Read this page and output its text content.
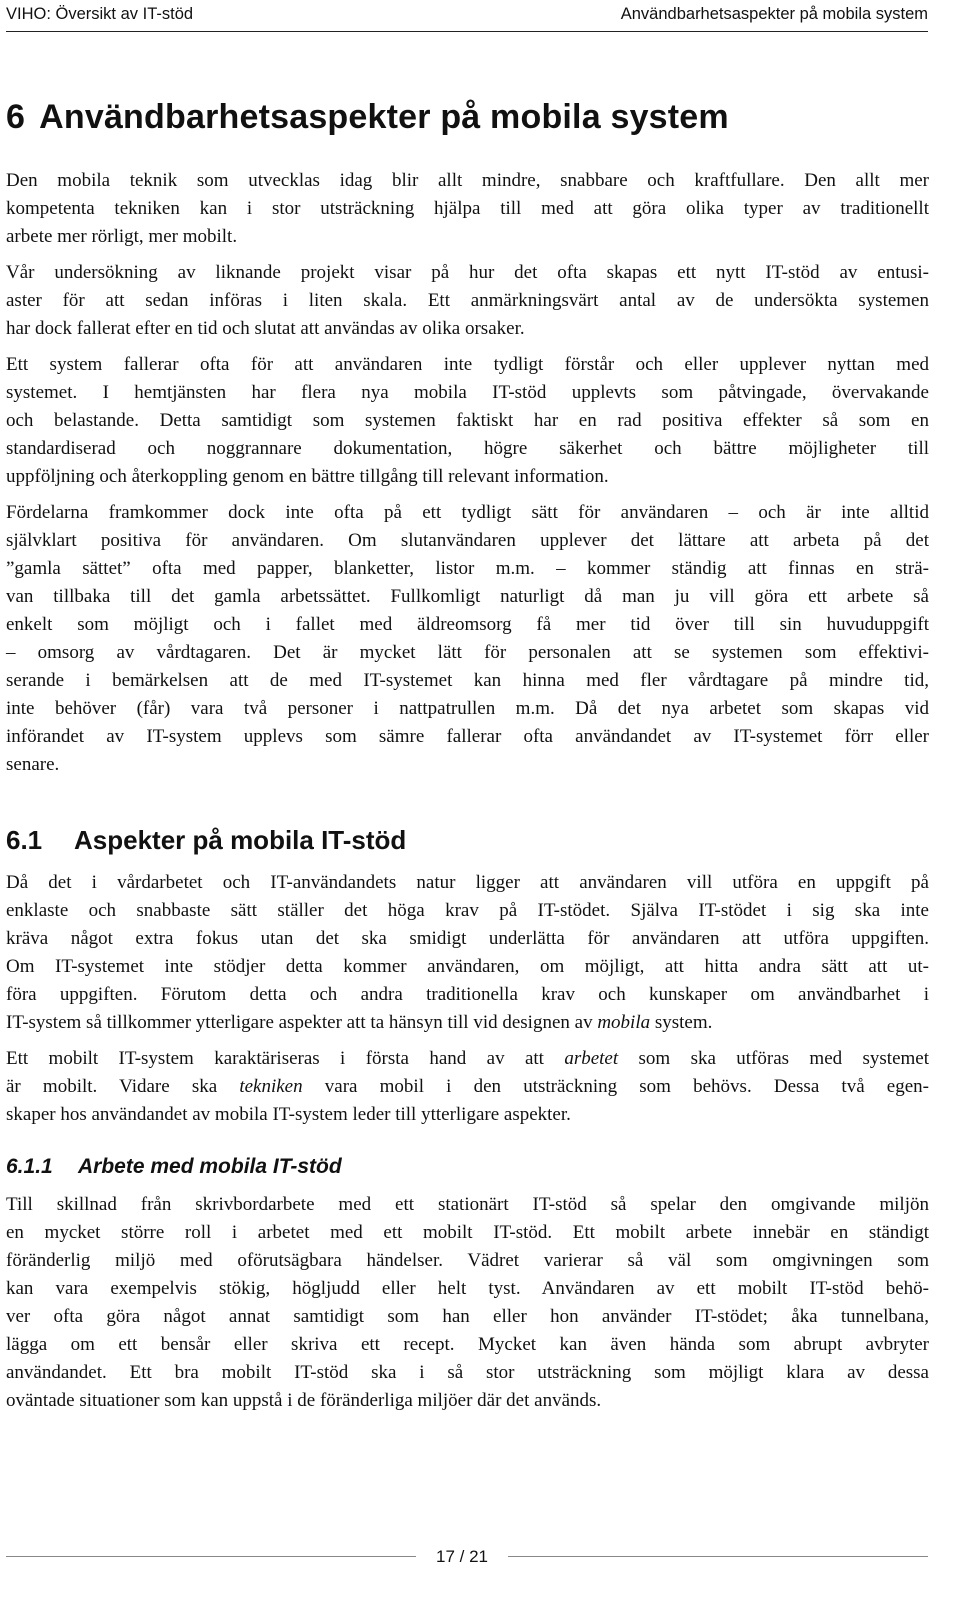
VIHO: Översikt av IT-stöd	Användbarhetsaspekter på mobila system
6 Användbarhetsaspekter på mobila system

Den mobila teknik som utvecklas idag blir allt mindre, snabbare och kraftfullare. Den allt mer
kompetenta tekniken kan i stor utsträckning hjälpa till med att göra olika typer av traditionellt
arbete mer rörligt, mer mobilt.

Vår undersökning av liknande projekt visar på hur det ofta skapas ett nytt IT-stöd av entusi-
aster för att sedan införas i liten skala. Ett anmärkningsvärt antal av de undersökta systemen
har dock fallerat efter en tid och slutat att användas av olika orsaker.

Ett system fallerar ofta för att användaren inte tydligt förstår och eller upplever nyttan med
systemet. I hemtjänsten har flera nya mobila IT-stöd upplevts som påtvingade, övervakande
och belastande. Detta samtidigt som systemen faktiskt har en rad positiva effekter så som en
standardiserad och noggrannare dokumentation, högre säkerhet och bättre möjligheter till
uppföljning och återkoppling genom en bättre tillgång till relevant information.

Fördelarna framkommer dock inte ofta på ett tydligt sätt för användaren – och är inte alltid
självklart positiva för användaren. Om slutanvändaren upplever det lättare att arbeta på det
”gamla sättet” ofta med papper, blanketter, listor m.m. – kommer ständig att finnas en strä-
van tillbaka till det gamla arbetssättet. Fullkomligt naturligt då man ju vill göra ett arbete så
enkelt som möjligt och i fallet med äldreomsorg få mer tid över till sin huvuduppgift
– omsorg av vårdtagaren. Det är mycket lätt för personalen att se systemen som effektivi-
serande i bemärkelsen att de med IT-systemet kan hinna med fler vårdtagare på mindre tid,
inte behöver (får) vara två personer i nattpatrullen m.m. Då det nya arbetet som skapas vid
införandet av IT-system upplevs som sämre fallerar ofta användandet av IT-systemet förr eller
senare.

6.1 Aspekter på mobila IT-stöd

Då det i vårdarbetet och IT-användandets natur ligger att användaren vill utföra en uppgift på
enklaste och snabbaste sätt ställer det höga krav på IT-stödet. Själva IT-stödet i sig ska inte
kräva något extra fokus utan det ska smidigt underlätta för användaren att utföra uppgiften.
Om IT-systemet inte stödjer detta kommer användaren, om möjligt, att hitta andra sätt att ut-
föra uppgiften. Förutom detta och andra traditionella krav och kunskaper om användbarhet i
IT-system så tillkommer ytterligare aspekter att ta hänsyn till vid designen av mobila system.

Ett mobilt IT-system karaktäriseras i första hand av att arbetet som ska utföras med systemet
är mobilt. Vidare ska tekniken vara mobil i den utsträckning som behövs. Dessa två egen-
skaper hos användandet av mobila IT-system leder till ytterligare aspekter.

6.1.1 Arbete med mobila IT-stöd

Till skillnad från skrivbordarbete med ett stationärt IT-stöd så spelar den omgivande miljön
en mycket större roll i arbetet med ett mobilt IT-stöd. Ett mobilt arbete innebär en ständigt
föränderlig miljö med oförutsägbara händelser. Vädret varierar så väl som omgivningen som
kan vara exempelvis stökig, högljudd eller helt tyst. Användaren av ett mobilt IT-stöd behö-
ver ofta göra något annat samtidigt som han eller hon använder IT-stödet; åka tunnelbana,
lägga om ett bensår eller skriva ett recept. Mycket kan även hända som abrupt avbryter
användandet. Ett bra mobilt IT-stöd ska i så stor utsträckning som möjligt klara av dessa
oväntade situationer som kan uppstå i de föränderliga miljöer där det används.

17 / 21
